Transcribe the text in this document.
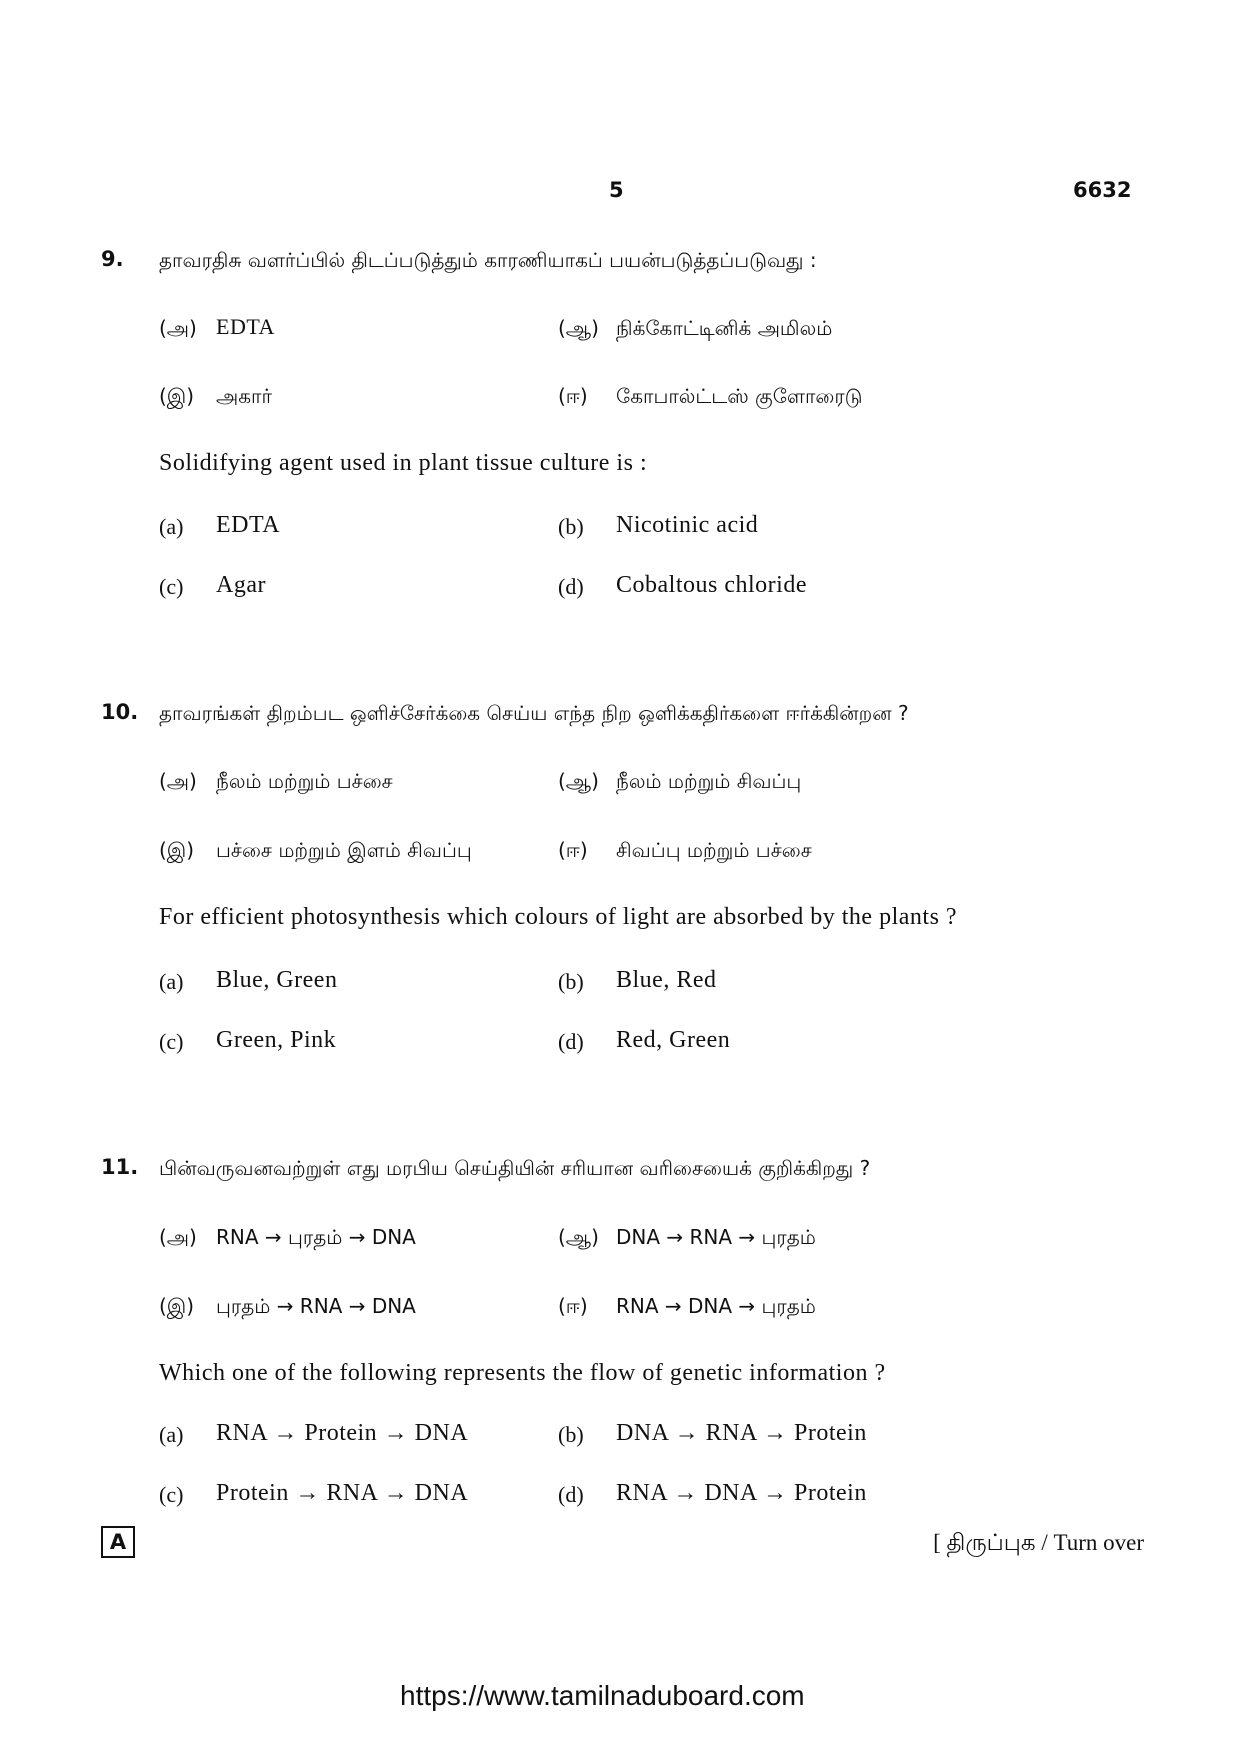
5	6632
9. தாவரதிசு வளர்ப்பில் திடப்படுத்தும் காரணியாகப் பயன்படுத்தப்படுவது :
(அ) EDTA	(ஆ) நிக்கோட்டினிக் அமிலம்
(இ) அகார்	(ஈ) கோபால்ட்டஸ் குளோரைடு
Solidifying agent used in plant tissue culture is :
(a) EDTA	(b) Nicotinic acid
(c) Agar	(d) Cobaltous chloride
10. தாவரங்கள் திறம்பட ஒளிச்சேர்க்கை செய்ய எந்த நிற ஒளிக்கதிர்களை ஈர்க்கின்றன ?
(அ) நீலம் மற்றும் பச்சை	(ஆ) நீலம் மற்றும் சிவப்பு
(இ) பச்சை மற்றும் இளம் சிவப்பு	(ஈ) சிவப்பு மற்றும் பச்சை
For efficient photosynthesis which colours of light are absorbed by the plants ?
(a) Blue, Green	(b) Blue, Red
(c) Green, Pink	(d) Red, Green
11. பின்வருவனவற்றுள் எது மரபிய செய்தியின் சரியான வரிசையைக் குறிக்கிறது ?
(அ) RNA → புரதம் → DNA	(ஆ) DNA → RNA → புரதம்
(இ) புரதம் → RNA → DNA	(ஈ) RNA → DNA → புரதம்
Which one of the following represents the flow of genetic information ?
(a) RNA → Protein → DNA	(b) DNA → RNA → Protein
(c) Protein → RNA → DNA	(d) RNA → DNA → Protein
A	[ திருப்புக / Turn over
https://www.tamilnaduboard.com
